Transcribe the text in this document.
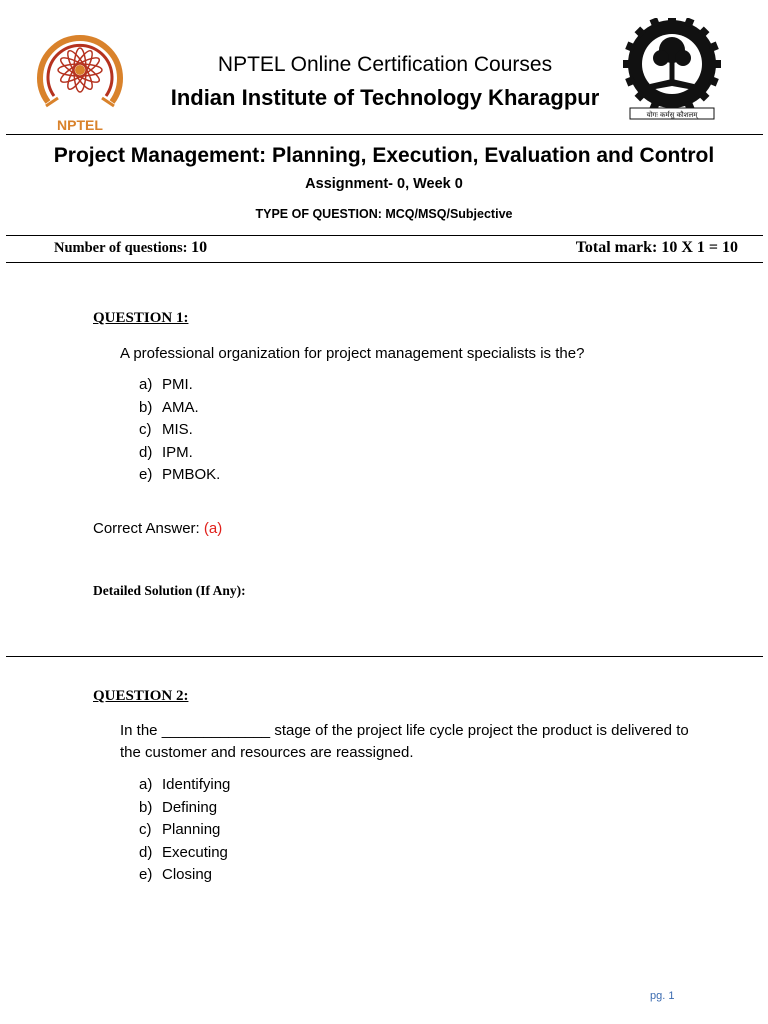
NPTEL
योगः कर्मसु कौशलम्
NPTEL Online Certification Courses
Indian Institute of Technology Kharagpur
Project Management: Planning, Execution, Evaluation and Control
Assignment- 0, Week 0
TYPE OF QUESTION: MCQ/MSQ/Subjective
Number of questions: 10	Total mark: 10 X 1 = 10
QUESTION 1:
A professional organization for project management specialists is the?
a) PMI.
b) AMA.
c) MIS.
d) IPM.
e) PMBOK.
Correct Answer: (a)
Detailed Solution (If Any):
QUESTION 2:
In the _____________ stage of the project life cycle project the product is delivered to the customer and resources are reassigned.
a) Identifying
b) Defining
c) Planning
d) Executing
e) Closing
pg. 1
